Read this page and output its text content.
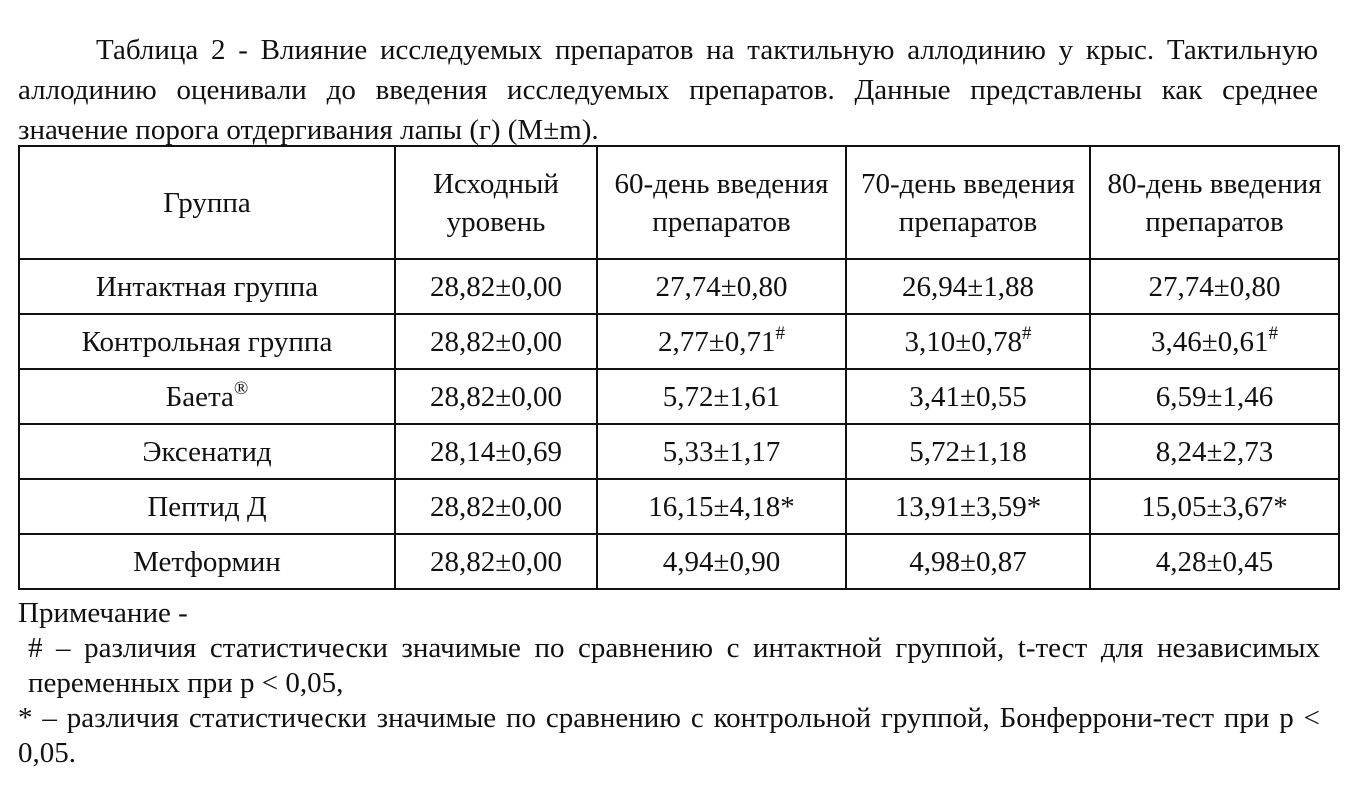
Таблица 2 - Влияние исследуемых препаратов на тактильную аллодинию у крыс. Тактильную аллодинию оценивали до введения исследуемых препаратов. Данные представлены как среднее значение порога отдергивания лапы (г) (M±m).
Группа	Исходный уровень	60-день введения препаратов	70-день введения препаратов	80-день введения препаратов
Интактная группа	28,82±0,00	27,74±0,80	26,94±1,88	27,74±0,80
Контрольная группа	28,82±0,00	2,77±0,71#	3,10±0,78#	3,46±0,61#
Баета®	28,82±0,00	5,72±1,61	3,41±0,55	6,59±1,46
Эксенатид	28,14±0,69	5,33±1,17	5,72±1,18	8,24±2,73
Пептид Д	28,82±0,00	16,15±4,18*	13,91±3,59*	15,05±3,67*
Метформин	28,82±0,00	4,94±0,90	4,98±0,87	4,28±0,45

Примечание -

# – различия статистически значимые по сравнению с интактной группой, t-тест для независимых переменных при p < 0,05,

* – различия статистически значимые по сравнению с контрольной группой, Бонферрони-тест при p < 0,05.
